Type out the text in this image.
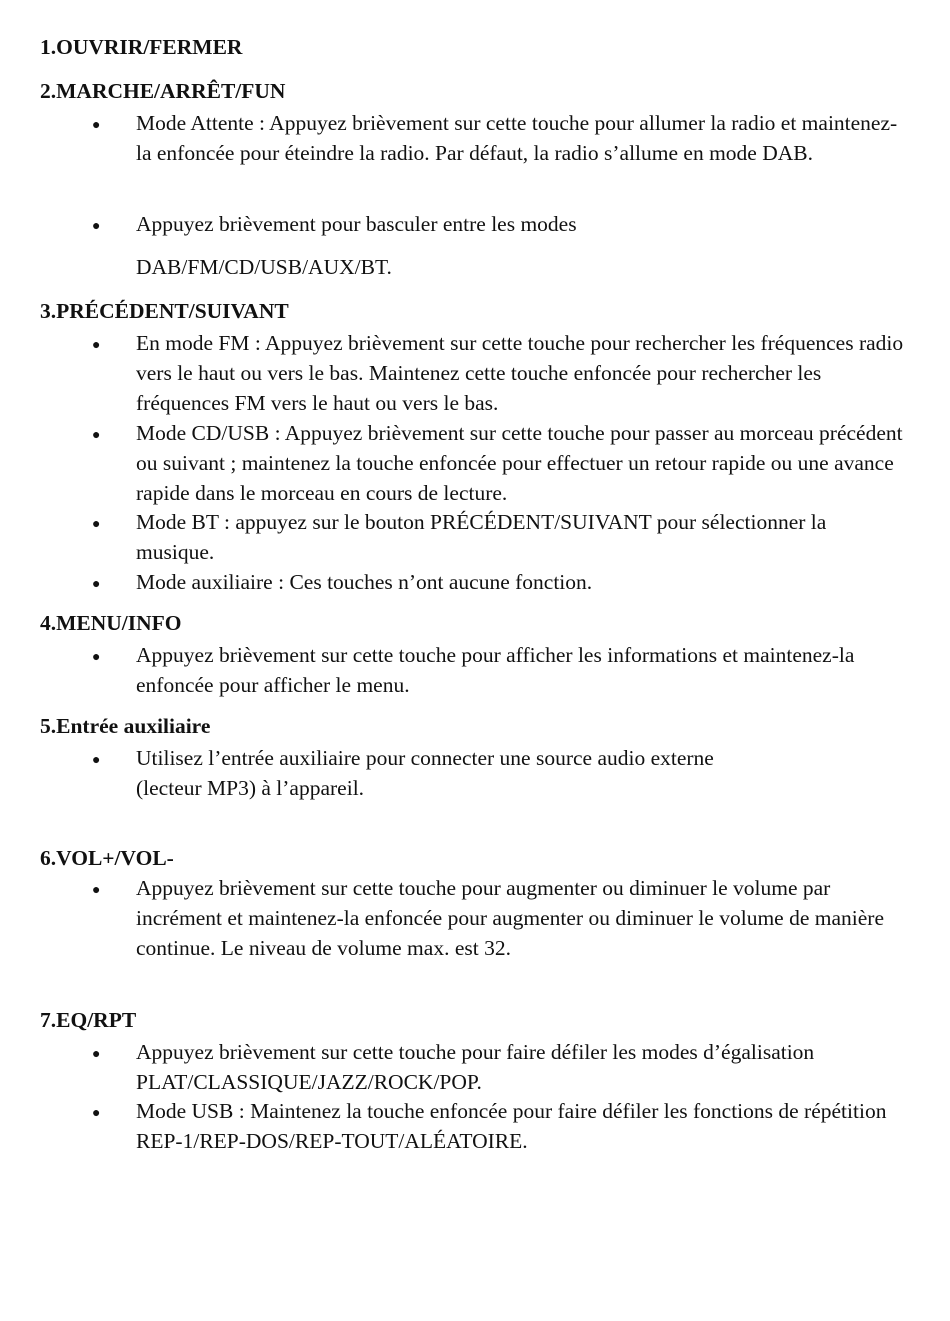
1.OUVRIR/FERMER
2.MARCHE/ARRÊT/FUN
● Mode Attente : Appuyez brièvement sur cette touche pour allumer la radio et maintenez-la enfoncée pour éteindre la radio. Par défaut, la radio s’allume en mode DAB.

● Appuyez brièvement pour basculer entre les modes

DAB/FM/CD/USB/AUX/BT.

3.PRÉCÉDENT/SUIVANT
● En mode FM : Appuyez brièvement sur cette touche pour rechercher les fréquences radio vers le haut ou vers le bas. Maintenez cette touche enfoncée pour rechercher les fréquences FM vers le haut ou vers le bas.

● Mode CD/USB : Appuyez brièvement sur cette touche pour passer au morceau précédent ou suivant ; maintenez la touche enfoncée pour effectuer un retour rapide ou une avance rapide dans le morceau en cours de lecture.

● Mode BT : appuyez sur le bouton PRÉCÉDENT/SUIVANT pour sélectionner la musique.

● Mode auxiliaire : Ces touches n’ont aucune fonction.

4.MENU/INFO
● Appuyez brièvement sur cette touche pour afficher les informations et maintenez-la enfoncée pour afficher le menu.

5.Entrée auxiliaire
● Utilisez l’entrée auxiliaire pour connecter une source audio externe

(lecteur MP3) à l’appareil.

6.VOL+/VOL-
● Appuyez brièvement sur cette touche pour augmenter ou diminuer le volume par incrément et maintenez-la enfoncée pour augmenter ou diminuer le volume de manière continue. Le niveau de volume max. est 32.

7.EQ/RPT
● Appuyez brièvement sur cette touche pour faire défiler les modes d’égalisation PLAT/CLASSIQUE/JAZZ/ROCK/POP.

● Mode USB : Maintenez la touche enfoncée pour faire défiler les fonctions de répétition REP-1/REP-DOS/REP-TOUT/ALÉATOIRE.
